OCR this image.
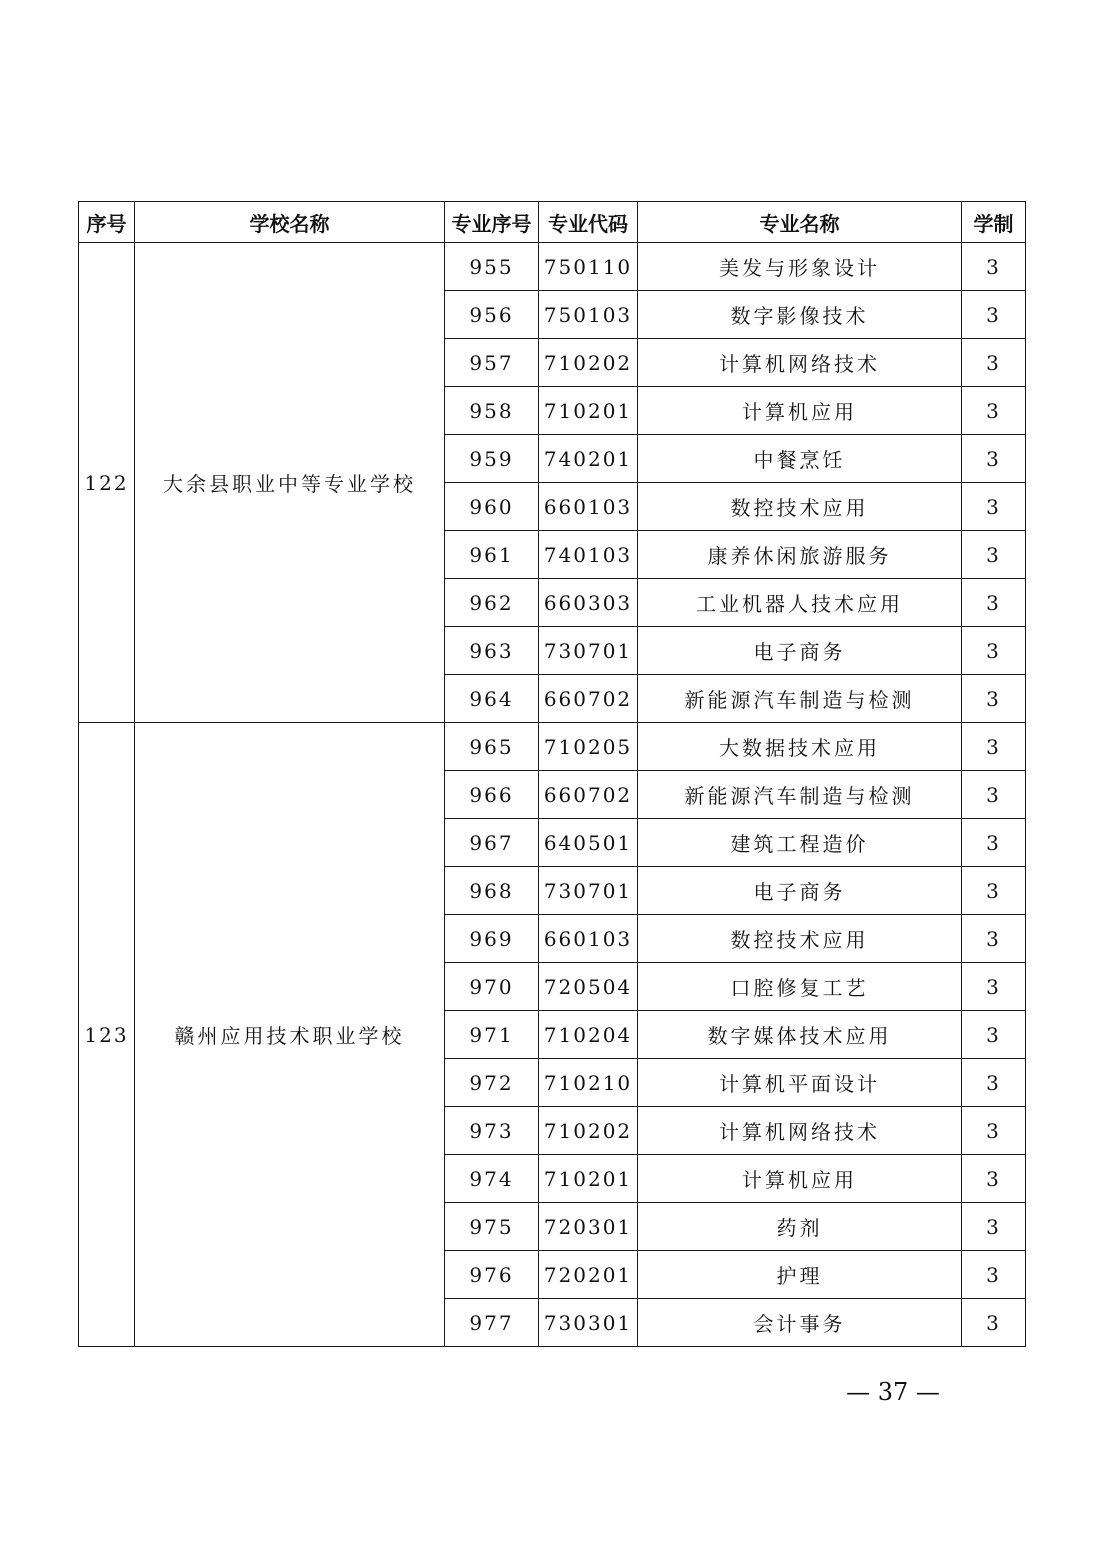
序号	学校名称	专业序号	专业代码	专业名称	学制
122	大余县职业中等专业学校	955	750110	美发与形象设计	3
		956	750103	数字影像技术	3
		957	710202	计算机网络技术	3
		958	710201	计算机应用	3
		959	740201	中餐烹饪	3
		960	660103	数控技术应用	3
		961	740103	康养休闲旅游服务	3
		962	660303	工业机器人技术应用	3
		963	730701	电子商务	3
		964	660702	新能源汽车制造与检测	3
123	赣州应用技术职业学校	965	710205	大数据技术应用	3
		966	660702	新能源汽车制造与检测	3
		967	640501	建筑工程造价	3
		968	730701	电子商务	3
		969	660103	数控技术应用	3
		970	720504	口腔修复工艺	3
		971	710204	数字媒体技术应用	3
		972	710210	计算机平面设计	3
		973	710202	计算机网络技术	3
		974	710201	计算机应用	3
		975	720301	药剂	3
		976	720201	护理	3
		977	730301	会计事务	3
— 37 —
